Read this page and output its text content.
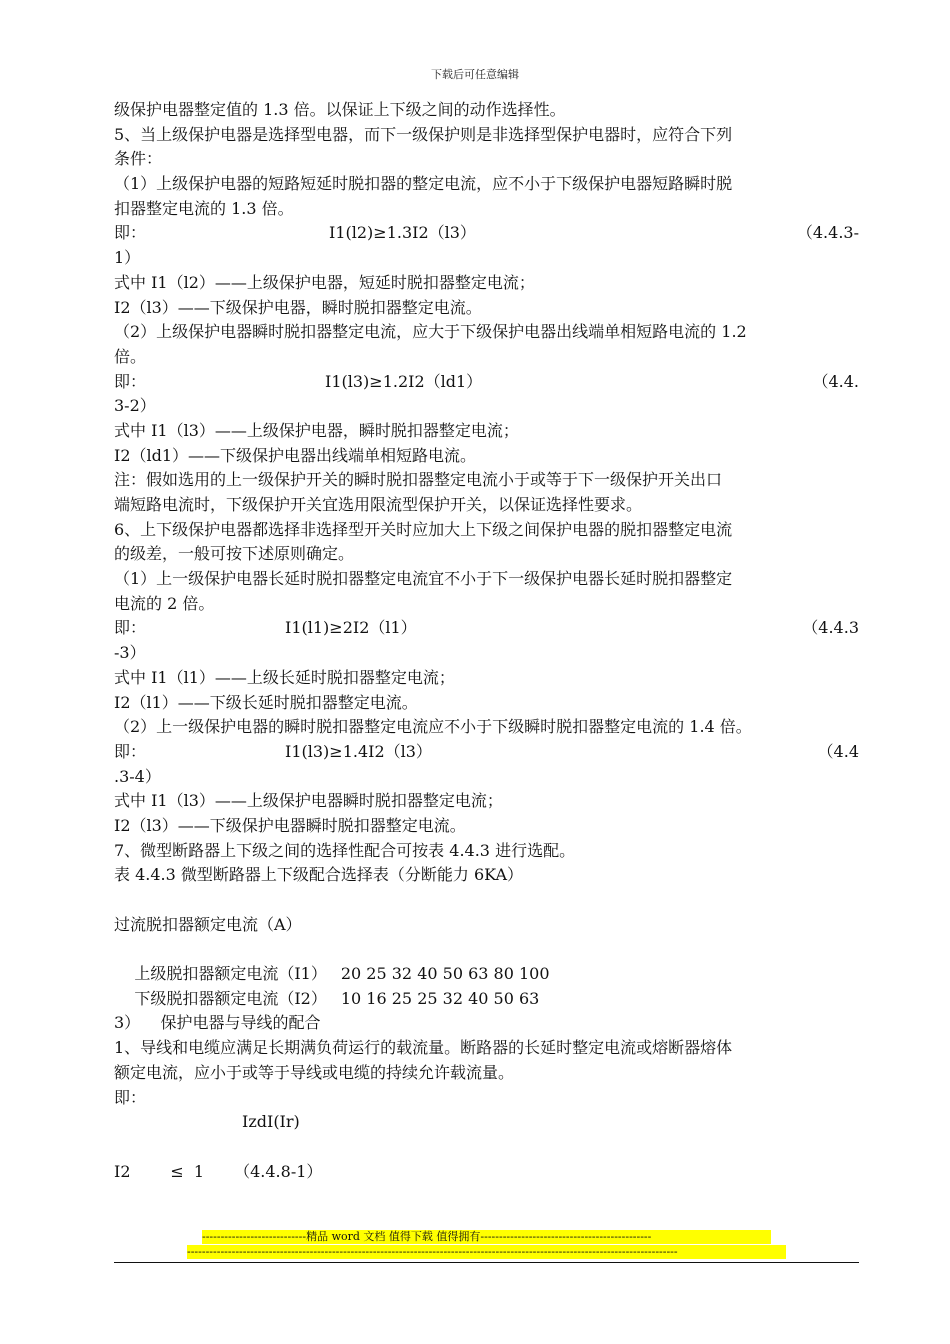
下载后可任意编辑
级保护电器整定值的 1.3 倍。以保证上下级之间的动作选择性。
5、当上级保护电器是选择型电器，而下一级保护则是非选择型保护电器时，应符合下列
条件：
（1）上级保护电器的短路短延时脱扣器的整定电流，应不小于下级保护电器短路瞬时脱
扣器整定电流的 1.3 倍。
即：	I1(l2)≥1.3I2（l3）	（4.4.3-
1）
式中 I1（l2）——上级保护电器，短延时脱扣器整定电流；
I2（l3）——下级保护电器，瞬时脱扣器整定电流。
（2）上级保护电器瞬时脱扣器整定电流，应大于下级保护电器出线端单相短路电流的 1.2
倍。
即：	I1(l3)≥1.2I2（ld1）	（4.4.
3-2）
式中 I1（l3）——上级保护电器，瞬时脱扣器整定电流；
I2（ld1）——下级保护电器出线端单相短路电流。
注：假如选用的上一级保护开关的瞬时脱扣器整定电流小于或等于下一级保护开关出口
端短路电流时，下级保护开关宜选用限流型保护开关，以保证选择性要求。
6、上下级保护电器都选择非选择型开关时应加大上下级之间保护电器的脱扣器整定电流
的级差，一般可按下述原则确定。
（1）上一级保护电器长延时脱扣器整定电流宜不小于下一级保护电器长延时脱扣器整定
电流的 2 倍。
即：	I1(l1)≥2I2（l1）	（4.4.3
-3）
式中 I1（l1）——上级长延时脱扣器整定电流；
I2（l1）——下级长延时脱扣器整定电流。
（2）上一级保护电器的瞬时脱扣器整定电流应不小于下级瞬时脱扣器整定电流的 1.4 倍。
即：	I1(l3)≥1.4I2（l3）	（4.4
.3-4）
式中 I1（l3）——上级保护电器瞬时脱扣器整定电流；
I2（l3）——下级保护电器瞬时脱扣器整定电流。
7、微型断路器上下级之间的选择性配合可按表 4.4.3 进行选配。
表 4.4.3 微型断路器上下级配合选择表（分断能力 6KA）
过流脱扣器额定电流（A）

上级脱扣器额定电流（I1） 20 25 32 40 50 63 80 100

下级脱扣器额定电流（I2） 10 16 25 25 32 40 50 63

3）    保护电器与导线的配合
1、导线和电缆应满足长期满负荷运行的载流量。断路器的长延时整定电流或熔断器熔体
额定电流，应小于或等于导线或电缆的持续允许载流量。
即：
IzdI(Ir)

≤  1 （4.4.8-1）

I2
----------------------------精品 word 文档 值得下载 值得拥有----------------------------------------------
------------------------------------------------------------------------------------------------------------------------------------
